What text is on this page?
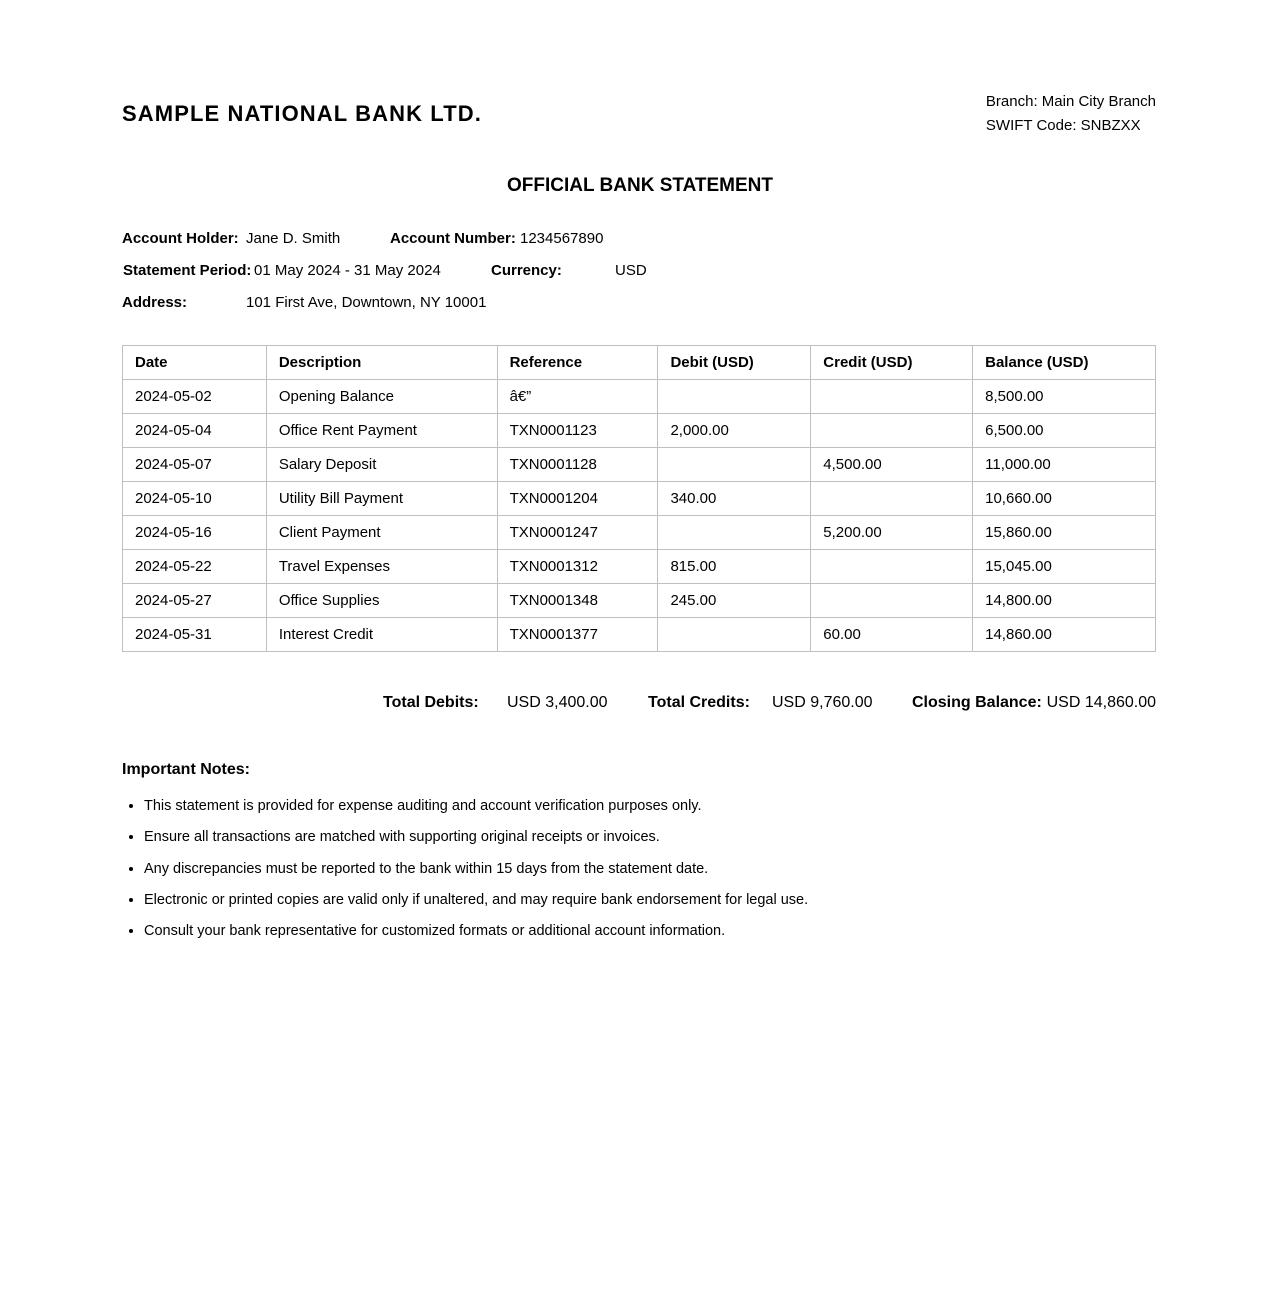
SAMPLE NATIONAL BANK LTD.	Branch: Main City Branch
SWIFT Code: SNBZXX
OFFICIAL BANK STATEMENT
Account Holder: Jane D. Smith	Account Number: 1234567890
Statement Period: 01 May 2024 - 31 May 2024	Currency:	USD
Address:	101 First Ave, Downtown, NY 10001
Date	Description	Reference	Debit (USD)	Credit (USD)	Balance (USD)
2024-05-02	Opening Balance	â€”			8,500.00
2024-05-04	Office Rent Payment	TXN0001123	2,000.00		6,500.00
2024-05-07	Salary Deposit	TXN0001128		4,500.00	11,000.00
2024-05-10	Utility Bill Payment	TXN0001204	340.00		10,660.00
2024-05-16	Client Payment	TXN0001247		5,200.00	15,860.00
2024-05-22	Travel Expenses	TXN0001312	815.00		15,045.00
2024-05-27	Office Supplies	TXN0001348	245.00		14,800.00
2024-05-31	Interest Credit	TXN0001377		60.00	14,860.00
Total Debits: USD 3,400.00	Total Credits: USD 9,760.00 Closing Balance: USD 14,860.00
Important Notes:
• This statement is provided for expense auditing and account verification purposes only.
• Ensure all transactions are matched with supporting original receipts or invoices.
• Any discrepancies must be reported to the bank within 15 days from the statement date.
• Electronic or printed copies are valid only if unaltered, and may require bank endorsement for legal use.
• Consult your bank representative for customized formats or additional account information.
